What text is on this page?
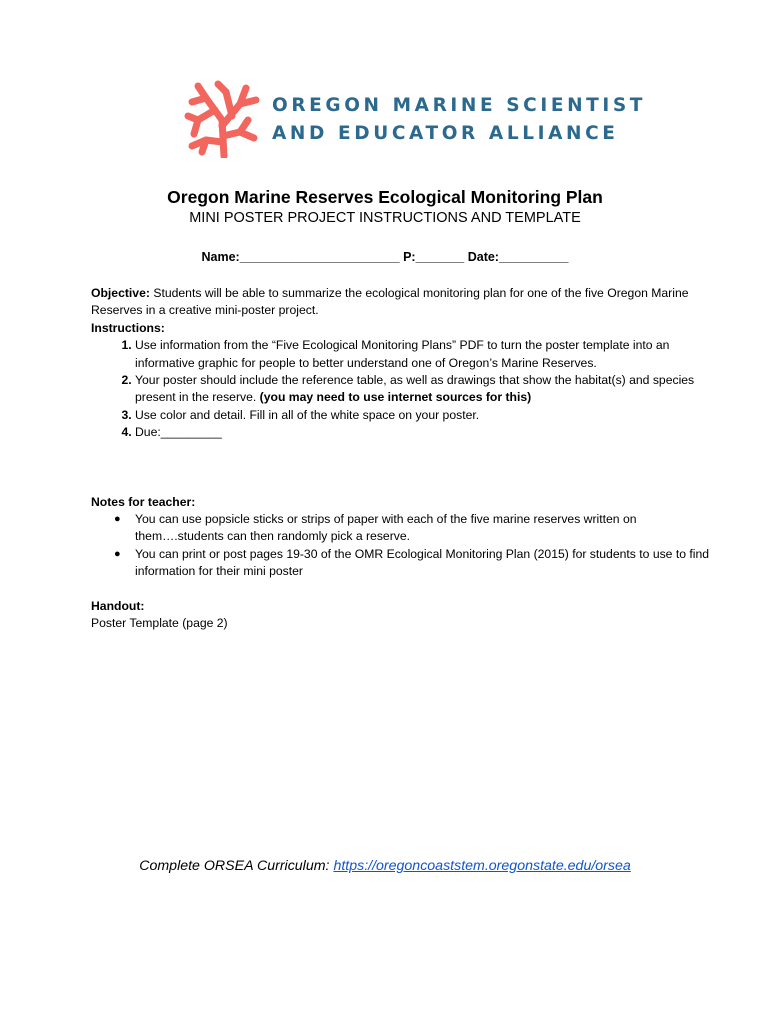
OREGON MARINE SCIENTIST
AND EDUCATOR ALLIANCE
Oregon Marine Reserves Ecological Monitoring Plan
MINI POSTER PROJECT INSTRUCTIONS AND TEMPLATE
Name:_______________________ P:_______ Date:__________

Objective: Students will be able to summarize the ecological monitoring plan for one of the five Oregon Marine Reserves in a creative mini-poster project.

Instructions:

1. Use information from the “Five Ecological Monitoring Plans” PDF to turn the poster template into an informative graphic for people to better understand one of Oregon’s Marine Reserves.
2. Your poster should include the reference table, as well as drawings that show the habitat(s) and species present in the reserve. (you may need to use internet sources for this)
3. Use color and detail. Fill in all of the white space on your poster.
4. Due:_________

Notes for teacher:

● You can use popsicle sticks or strips of paper with each of the five marine reserves written on them….students can then randomly pick a reserve.
● You can print or post pages 19-30 of the OMR Ecological Monitoring Plan (2015) for students to use to find information for their mini poster

Handout:

Poster Template (page 2)

Complete ORSEA Curriculum: https://oregoncoaststem.oregonstate.edu/orsea
